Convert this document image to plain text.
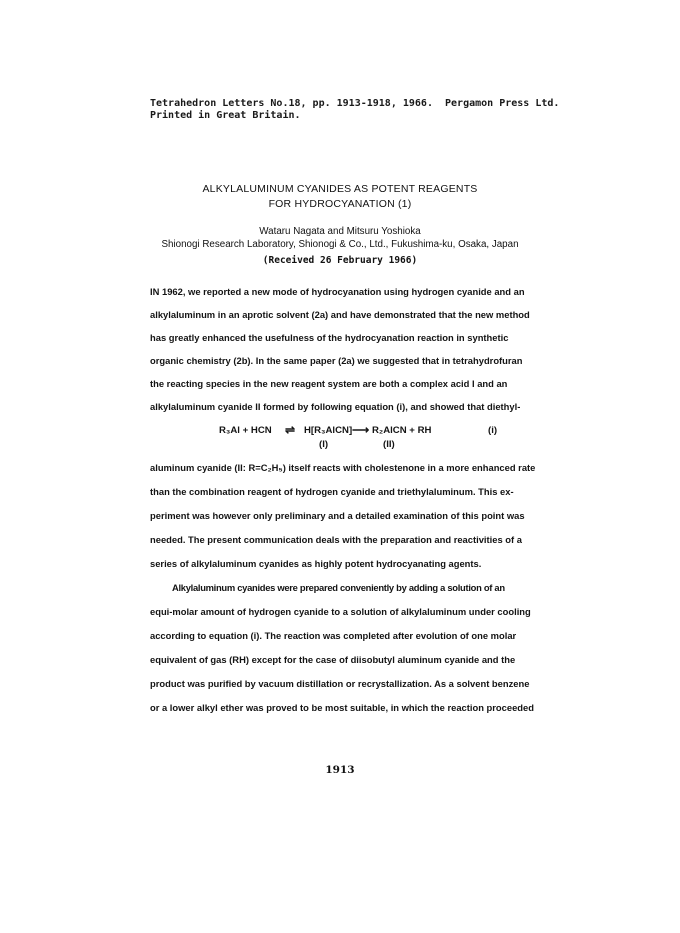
Tetrahedron Letters No.18, pp. 1913-1918, 1966.  Pergamon Press Ltd.
Printed in Great Britain.
ALKYLALUMINUM CYANIDES AS POTENT REAGENTS
FOR HYDROCYANATION (1)
Wataru Nagata and Mitsuru Yoshioka
Shionogi Research Laboratory, Shionogi & Co., Ltd., Fukushima-ku, Osaka, Japan
(Received 26 February 1966)
IN 1962, we reported a new mode of hydrocyanation using hydrogen cyanide and an
alkylaluminum in an aprotic solvent (2a) and have demonstrated that the new method
has greatly enhanced the usefulness of the hydrocyanation reaction in synthetic
organic chemistry (2b). In the same paper (2a) we suggested that in tetrahydrofuran
the reacting species in the new reagent system are both a complex acid I and an
alkylaluminum cyanide II formed by following equation (i), and showed that diethyl-
R₃Al + HCN ⇌ H[R₃AlCN] ⟶ R₂AlCN + RH	(i)
(I)	(II)
aluminum cyanide (II: R=C₂H₅) itself reacts with cholestenone in a more enhanced rate
than the combination reagent of hydrogen cyanide and triethylaluminum. This ex-
periment was however only preliminary and a detailed examination of this point was
needed. The present communication deals with the preparation and reactivities of a
series of alkylaluminum cyanides as highly potent hydrocyanating agents.
Alkylaluminum cyanides were prepared conveniently by adding a solution of an
equi-molar amount of hydrogen cyanide to a solution of alkylaluminum under cooling
according to equation (i). The reaction was completed after evolution of one molar
equivalent of gas (RH) except for the case of diisobutyl aluminum cyanide and the
product was purified by vacuum distillation or recrystallization. As a solvent benzene
or a lower alkyl ether was proved to be most suitable, in which the reaction proceeded
1913
